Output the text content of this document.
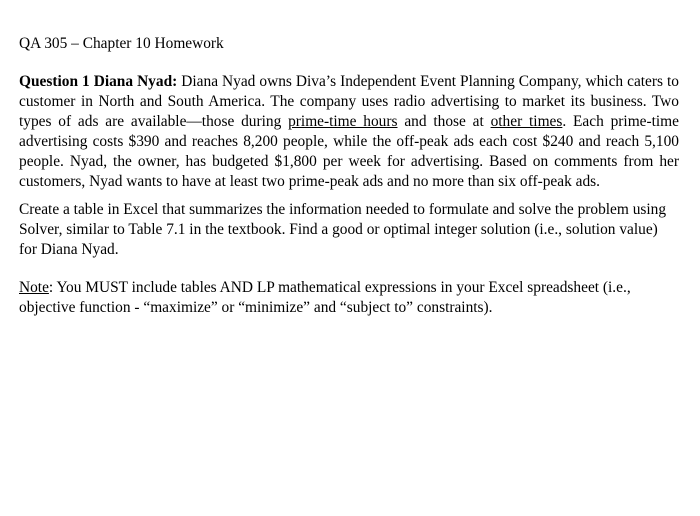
QA 305 – Chapter 10 Homework

Question 1 Diana Nyad: Diana Nyad owns Diva’s Independent Event Planning Company, which caters to customer in North and South America. The company uses radio advertising to market its business. Two types of ads are available—those during prime-time hours and those at other times. Each prime-time advertising costs $390 and reaches 8,200 people, while the off-peak ads each cost $240 and reach 5,100 people. Nyad, the owner, has budgeted $1,800 per week for advertising. Based on comments from her customers, Nyad wants to have at least two prime-peak ads and no more than six off-peak ads.

Create a table in Excel that summarizes the information needed to formulate and solve the problem using Solver, similar to Table 7.1 in the textbook. Find a good or optimal integer solution (i.e., solution value) for Diana Nyad.

Note: You MUST include tables AND LP mathematical expressions in your Excel spreadsheet (i.e., objective function - “maximize” or “minimize” and “subject to” constraints).
